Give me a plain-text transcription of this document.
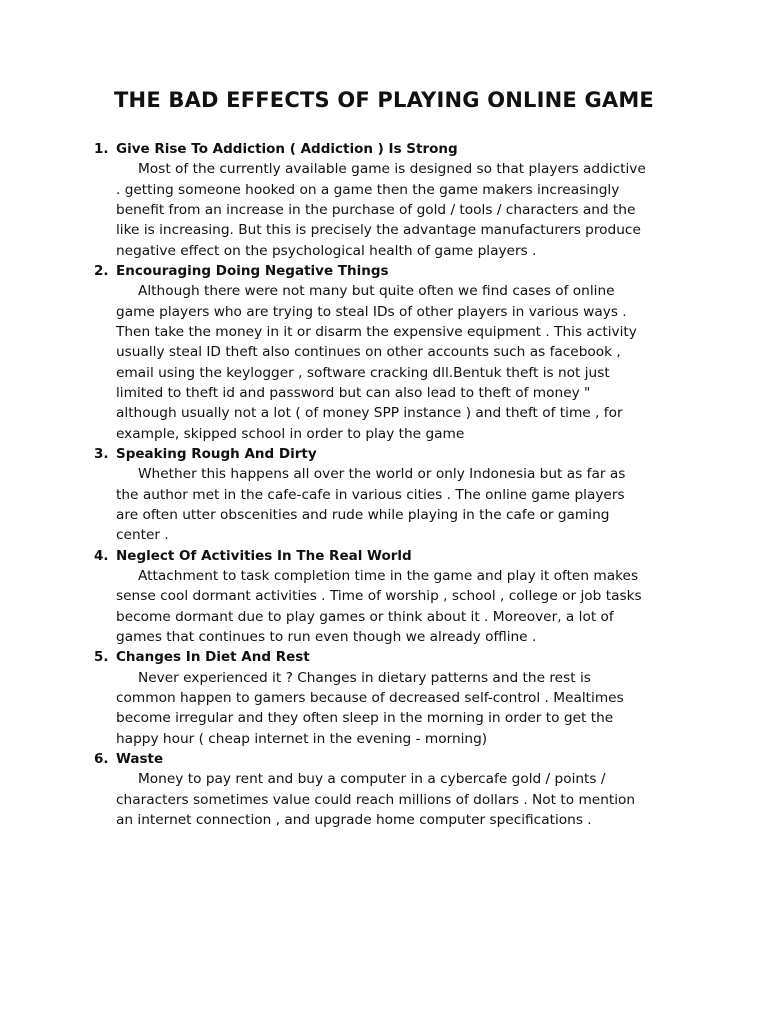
THE BAD EFFECTS OF PLAYING ONLINE GAME
1. Give Rise To Addiction ( Addiction ) Is Strong

Most of the currently available game is designed so that players addictive
. getting someone hooked on a game then the game makers increasingly
benefit from an increase in the purchase of gold / tools / characters and the
like is increasing. But this is precisely the advantage manufacturers produce
negative effect on the psychological health of game players .

2. Encouraging Doing Negative Things

Although there were not many but quite often we find cases of online
game players who are trying to steal IDs of other players in various ways .
Then take the money in it or disarm the expensive equipment . This activity
usually steal ID theft also continues on other accounts such as facebook ,
email using the keylogger , software cracking dll.Bentuk theft is not just
limited to theft id and password but can also lead to theft of money "
although usually not a lot ( of money SPP instance ) and theft of time , for
example, skipped school in order to play the game

3. Speaking Rough And Dirty

Whether this happens all over the world or only Indonesia but as far as
the author met in the cafe-cafe in various cities . The online game players
are often utter obscenities and rude while playing in the cafe or gaming
center .

4. Neglect Of Activities In The Real World

Attachment to task completion time in the game and play it often makes
sense cool dormant activities . Time of worship , school , college or job tasks
become dormant due to play games or think about it . Moreover, a lot of
games that continues to run even though we already offline .

5. Changes In Diet And Rest

Never experienced it ? Changes in dietary patterns and the rest is
common happen to gamers because of decreased self-control . Mealtimes
become irregular and they often sleep in the morning in order to get the
happy hour ( cheap internet in the evening - morning)

6. Waste

Money to pay rent and buy a computer in a cybercafe gold / points /
characters sometimes value could reach millions of dollars . Not to mention
an internet connection , and upgrade home computer specifications .
